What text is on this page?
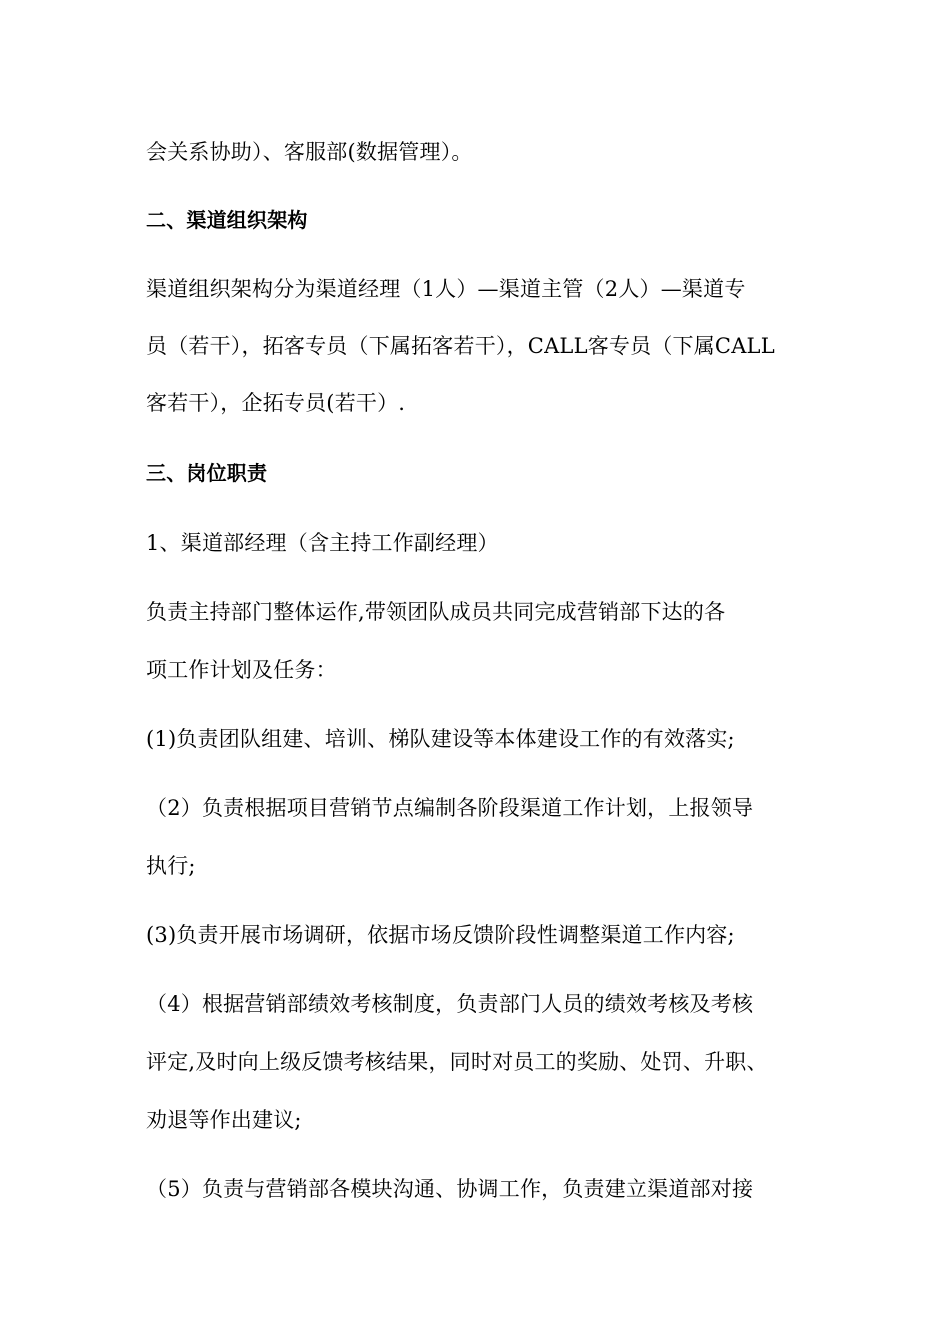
会关系协助）、客服部(数据管理）。
二、渠道组织架构
渠道组织架构分为渠道经理（1人）—渠道主管（2人）—渠道专
员（若干），拓客专员（下属拓客若干），CALL客专员（下属CALL
客若干），企拓专员(若干）.
三、岗位职责
1、渠道部经理（含主持工作副经理）
负责主持部门整体运作,带领团队成员共同完成营销部下达的各
项工作计划及任务：
(1)负责团队组建、培训、梯队建设等本体建设工作的有效落实;
（2）负责根据项目营销节点编制各阶段渠道工作计划，上报领导
执行;
(3)负责开展市场调研，依据市场反馈阶段性调整渠道工作内容;
（4）根据营销部绩效考核制度，负责部门人员的绩效考核及考核
评定,及时向上级反馈考核结果，同时对员工的奖励、处罚、升职、
劝退等作出建议;
（5）负责与营销部各模块沟通、协调工作，负责建立渠道部对接
